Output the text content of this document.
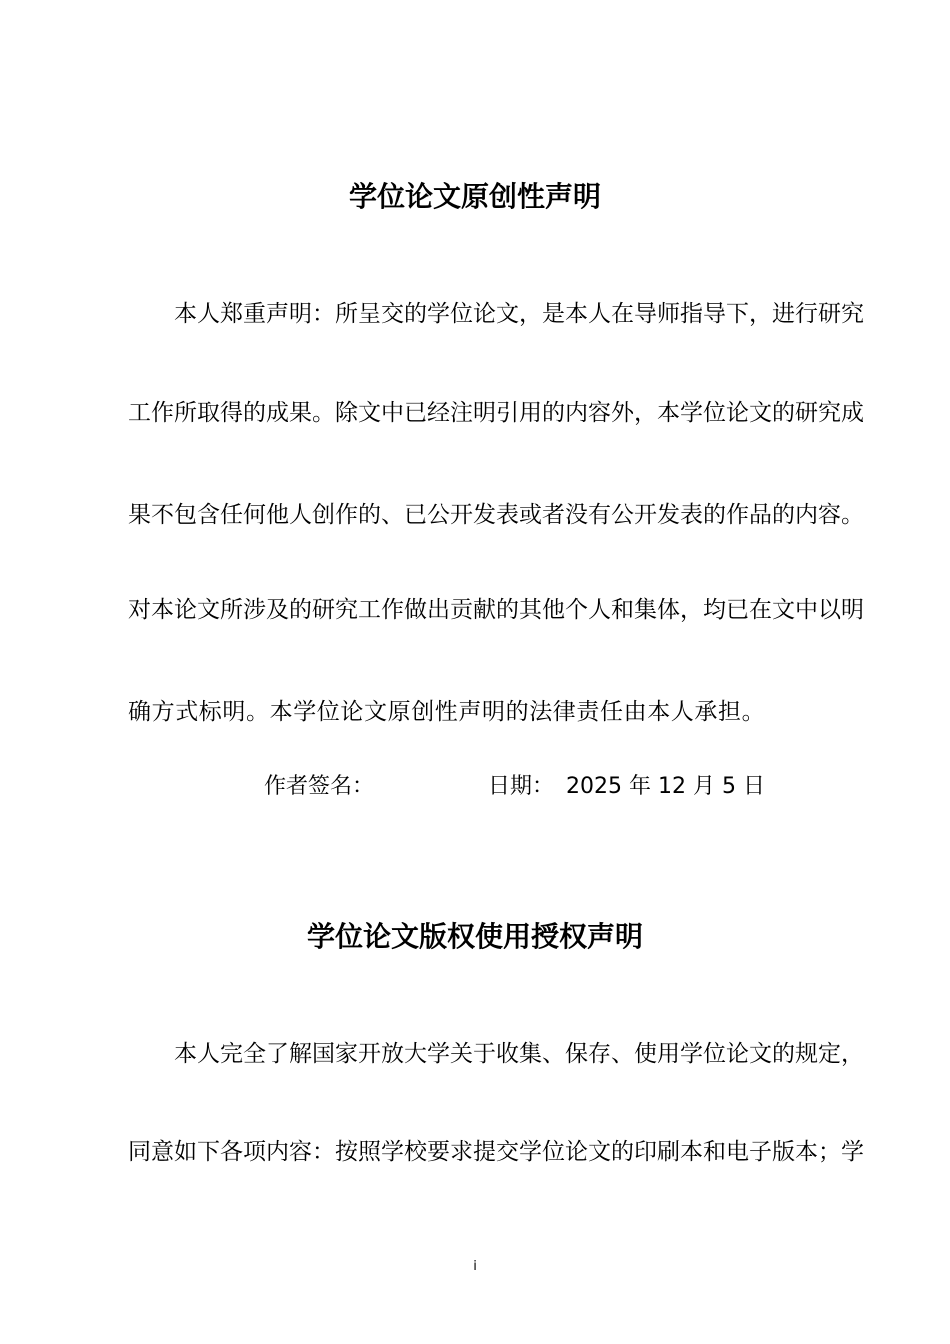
学位论文原创性声明
本人郑重声明：所呈交的学位论文，是本人在导师指导下，进行研究
工作所取得的成果。除文中已经注明引用的内容外，本学位论文的研究成
果不包含任何他人创作的、已公开发表或者没有公开发表的作品的内容。
对本论文所涉及的研究工作做出贡献的其他个人和集体，均已在文中以明
确方式标明。本学位论文原创性声明的法律责任由本人承担。
作者签名：	日期： 2025 年 12 月 5 日
学位论文版权使用授权声明
本人完全了解国家开放大学关于收集、保存、使用学位论文的规定，
同意如下各项内容：按照学校要求提交学位论文的印刷本和电子版本；学
i
